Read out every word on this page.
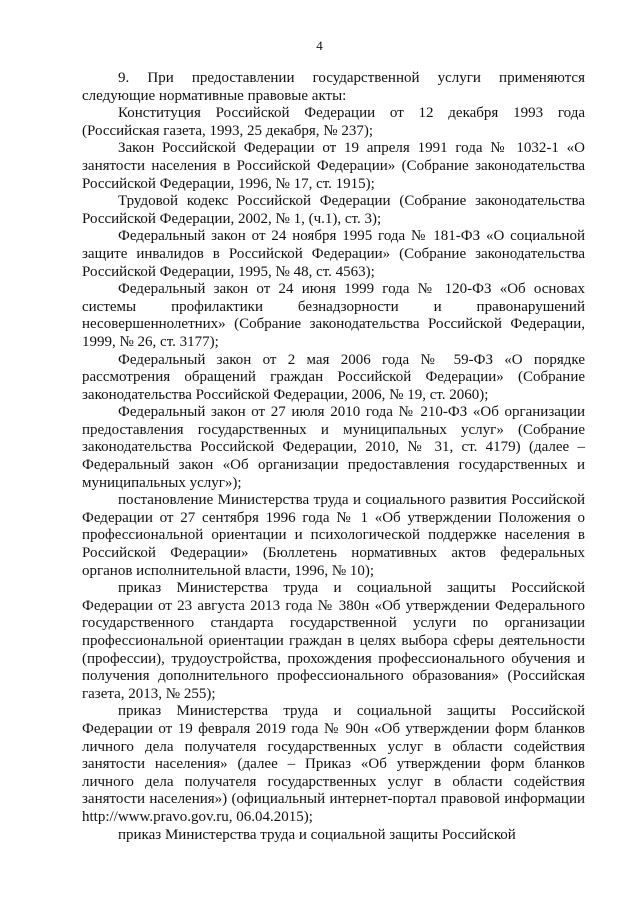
4

9. При предоставлении государственной услуги применяются следующие нормативные правовые акты:

Конституция Российской Федерации от 12 декабря 1993 года (Российская газета, 1993, 25 декабря, № 237);

Закон Российской Федерации от 19 апреля 1991 года № 1032-1 «О занятости населения в Российской Федерации» (Собрание законодательства Российской Федерации, 1996, № 17, ст. 1915);

Трудовой кодекс Российской Федерации (Собрание законодательства Российской Федерации, 2002, № 1, (ч.1), ст. 3);

Федеральный закон от 24 ноября 1995 года № 181-ФЗ «О социальной защите инвалидов в Российской Федерации» (Собрание законодательства Российской Федерации, 1995, № 48, ст. 4563);

Федеральный закон от 24 июня 1999 года № 120-ФЗ «Об основах системы профилактики безнадзорности и правонарушений несовершеннолетних» (Собрание законодательства Российской Федерации, 1999, № 26, ст. 3177);

Федеральный закон от 2 мая 2006 года № 59-ФЗ «О порядке рассмотрения обращений граждан Российской Федерации» (Собрание законодательства Российской Федерации, 2006, № 19, ст. 2060);

Федеральный закон от 27 июля 2010 года № 210-ФЗ «Об организации предоставления государственных и муниципальных услуг» (Собрание законодательства Российской Федерации, 2010, № 31, ст. 4179) (далее – Федеральный закон «Об организации предоставления государственных и муниципальных услуг»);

постановление Министерства труда и социального развития Российской Федерации от 27 сентября 1996 года № 1 «Об утверждении Положения о профессиональной ориентации и психологической поддержке населения в Российской Федерации» (Бюллетень нормативных актов федеральных органов исполнительной власти, 1996, № 10);

приказ Министерства труда и социальной защиты Российской Федерации от 23 августа 2013 года № 380н «Об утверждении Федерального государственного стандарта государственной услуги по организации профессиональной ориентации граждан в целях выбора сферы деятельности (профессии), трудоустройства, прохождения профессионального обучения и получения дополнительного профессионального образования» (Российская газета, 2013, № 255);

приказ Министерства труда и социальной защиты Российской Федерации от 19 февраля 2019 года № 90н «Об утверждении форм бланков личного дела получателя государственных услуг в области содействия занятости населения» (далее – Приказ «Об утверждении форм бланков личного дела получателя государственных услуг в области содействия занятости населения») (официальный интернет-портал правовой информации http://www.pravo.gov.ru, 06.04.2015);

приказ Министерства труда и социальной защиты Российской
